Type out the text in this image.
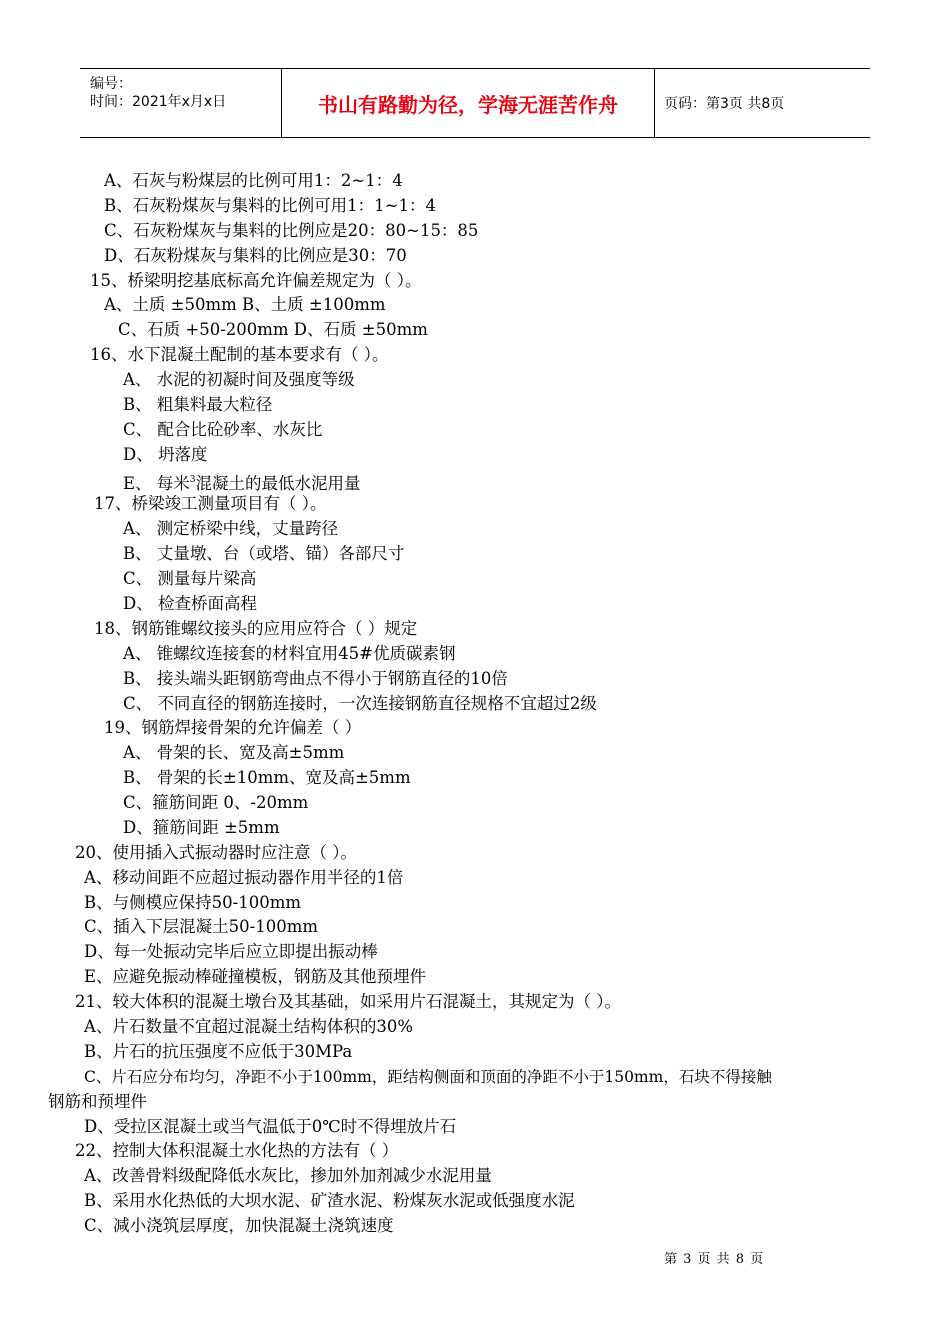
编号：
时间：2021年x月x日	书山有路勤为径，学海无涯苦作舟	页码：第3页 共8页
A、石灰与粉煤层的比例可用1：2~1：4
B、石灰粉煤灰与集料的比例可用1：1~1：4
C、石灰粉煤灰与集料的比例应是20：80~15：85
D、石灰粉煤灰与集料的比例应是30：70
15、桥梁明挖基底标高允许偏差规定为（ ）。
A、土质 ±50mm B、土质 ±100mm
C、石质 +50-200mm D、石质 ±50mm
16、水下混凝土配制的基本要求有（ ）。
A、 水泥的初凝时间及强度等级
B、 粗集料最大粒径
C、 配合比砼砂率、水灰比
D、 坍落度
E、 每米$^3$混凝土的最低水泥用量
17、桥梁竣工测量项目有（ ）。
A、 测定桥梁中线，丈量跨径
B、 丈量墩、台（或塔、锚）各部尺寸
C、 测量每片梁高
D、 检查桥面高程
18、钢筋锥螺纹接头的应用应符合（ ）规定
A、 锥螺纹连接套的材料宜用45#优质碳素钢
B、 接头端头距钢筋弯曲点不得小于钢筋直径的10倍
C、 不同直径的钢筋连接时，一次连接钢筋直径规格不宜超过2级
19、钢筋焊接骨架的允许偏差（ ）
A、 骨架的长、宽及高±5mm
B、 骨架的长±10mm、宽及高±5mm
C、箍筋间距 0、-20mm
D、箍筋间距 ±5mm
20、使用插入式振动器时应注意（ ）。
A、移动间距不应超过振动器作用半径的1倍
B、与侧模应保持50-100mm
C、插入下层混凝土50-100mm
D、每一处振动完毕后应立即提出振动棒
E、应避免振动棒碰撞模板，钢筋及其他预埋件
21、较大体积的混凝土墩台及其基础，如采用片石混凝土，其规定为（ ）。
A、片石数量不宜超过混凝土结构体积的30%
B、片石的抗压强度不应低于30MPa
C、片石应分布均匀，净距不小于100mm，距结构侧面和顶面的净距不小于150mm，石块不得接触
钢筋和预埋件
D、受拉区混凝土或当气温低于0℃时不得埋放片石
22、控制大体积混凝土水化热的方法有（ ）
A、改善骨料级配降低水灰比，掺加外加剂减少水泥用量
B、采用水化热低的大坝水泥、矿渣水泥、粉煤灰水泥或低强度水泥
C、减小浇筑层厚度，加快混凝土浇筑速度
第 3 页 共 8 页
